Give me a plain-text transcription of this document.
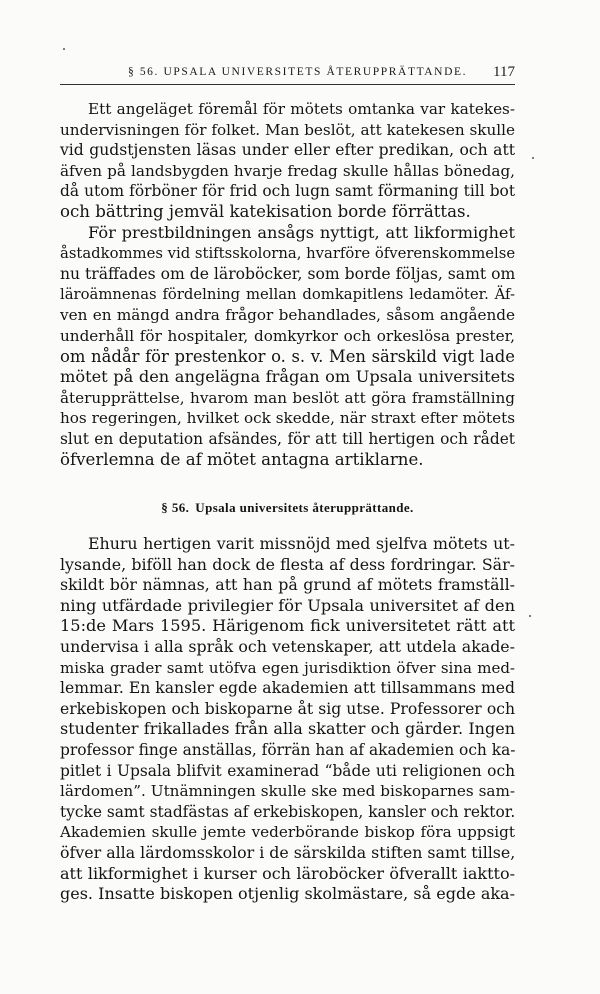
§ 56. UPSALA UNIVERSITETS ÅTERUPPRÄTTANDE. 117
Ett angeläget föremål för mötets omtanka var katekes-
undervisningen för folket. Man beslöt, att katekesen skulle
vid gudstjensten läsas under eller efter predikan, och att
äfven på landsbygden hvarje fredag skulle hållas bönedag,
då utom förböner för frid och lugn samt förmaning till bot
och bättring jemväl katekisation borde förrättas.
För prestbildningen ansågs nyttigt, att likformighet
åstadkommes vid stiftsskolorna, hvarföre öfverenskommelse
nu träffades om de läroböcker, som borde följas, samt om
läroämnenas fördelning mellan domkapitlens ledamöter. Äf-
ven en mängd andra frågor behandlades, såsom angående
underhåll för hospitaler, domkyrkor och orkeslösa prester,
om nådår för prestenkor o. s. v. Men särskild vigt lade
mötet på den angelägna frågan om Upsala universitets
återupprättelse, hvarom man beslöt att göra framställning
hos regeringen, hvilket ock skedde, när straxt efter mötets
slut en deputation afsändes, för att till hertigen och rådet
öfverlemna de af mötet antagna artiklarne.
§ 56. Upsala universitets återupprättande.
Ehuru hertigen varit missnöjd med sjelfva mötets ut-
lysande, biföll han dock de flesta af dess fordringar. Sär-
skildt bör nämnas, att han på grund af mötets framställ-
ning utfärdade privilegier för Upsala universitet af den
15:de Mars 1595. Härigenom fick universitetet rätt att
undervisa i alla språk och vetenskaper, att utdela akade-
miska grader samt utöfva egen jurisdiktion öfver sina med-
lemmar. En kansler egde akademien att tillsammans med
erkebiskopen och biskoparne åt sig utse. Professorer och
studenter frikallades från alla skatter och gärder. Ingen
professor finge anställas, förrän han af akademien och ka-
pitlet i Upsala blifvit examinerad “både uti religionen och
lärdomen”. Utnämningen skulle ske med biskoparnes sam-
tycke samt stadfästas af erkebiskopen, kansler och rektor.
Akademien skulle jemte vederbörande biskop föra uppsigt
öfver alla lärdomsskolor i de särskilda stiften samt tillse,
att likformighet i kurser och läroböcker öfverallt iaktto-
ges. Insatte biskopen otjenlig skolmästare, så egde aka-
